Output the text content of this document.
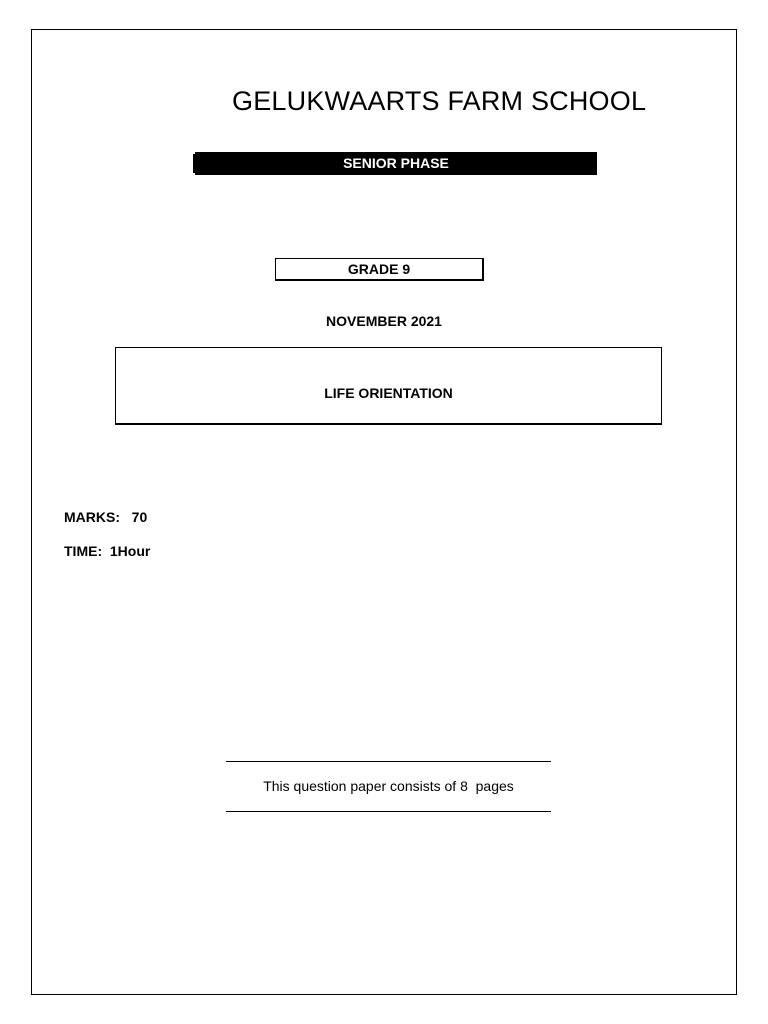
GELUKWAARTS FARM SCHOOL
SENIOR PHASE
GRADE 9
NOVEMBER 2021
LIFE ORIENTATION
MARKS: 70
TIME: 1Hour
This question paper consists of 8  pages
